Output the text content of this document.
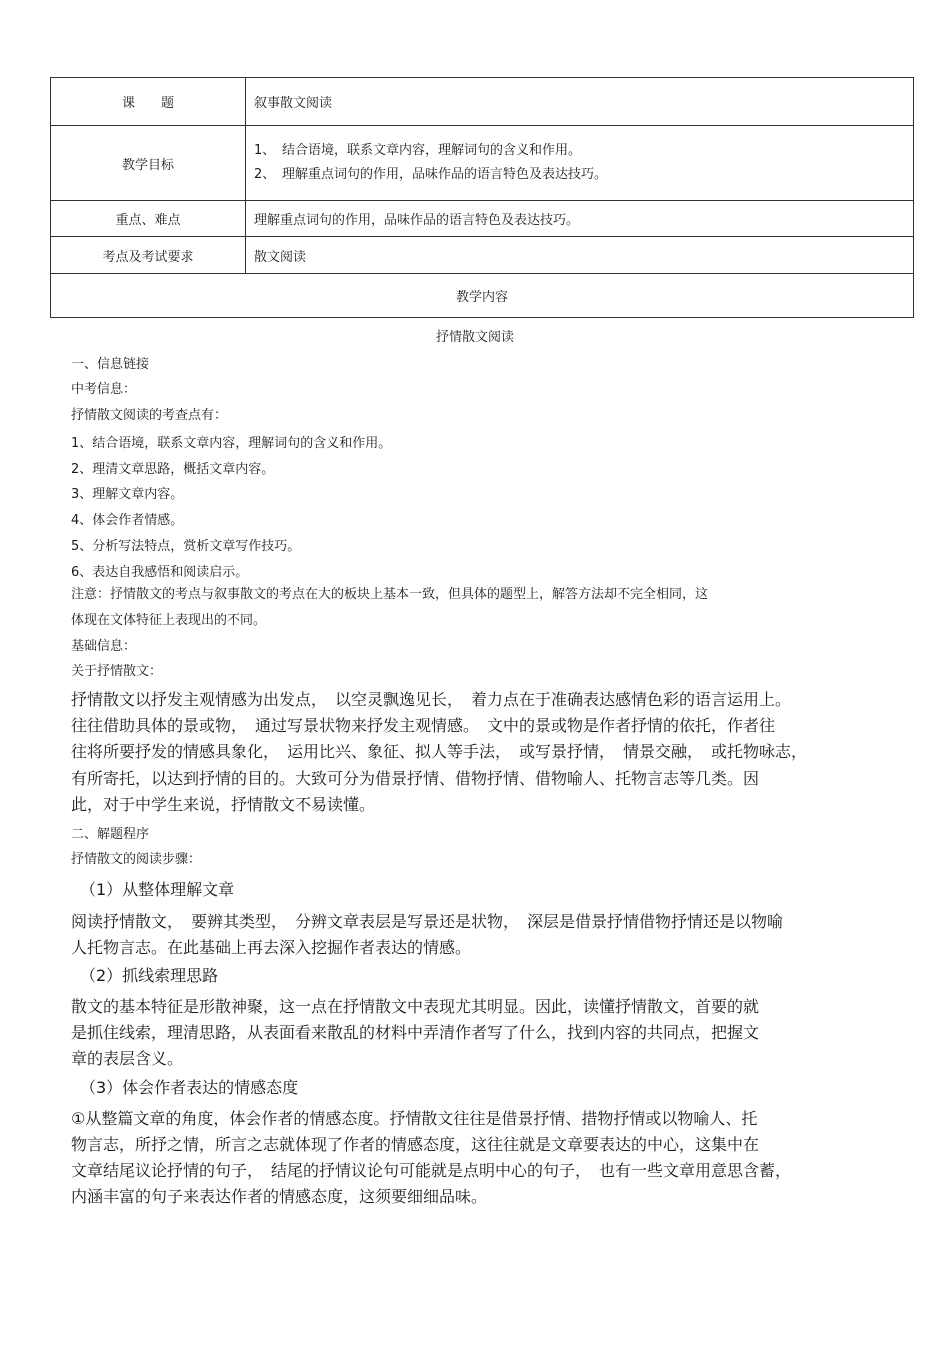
课　　题	叙事散文阅读
教学目标	1、 结合语境，联系文章内容，理解词句的含义和作用。
2、 理解重点词句的作用，品味作品的语言特色及表达技巧。

重点、难点	理解重点词句的作用，品味作品的语言特色及表达技巧。
考点及考试要求	散文阅读
教学内容	
抒情散文阅读
一、信息链接
中考信息：
抒情散文阅读的考查点有：
1、结合语境，联系文章内容，理解词句的含义和作用。
2、理清文章思路，概括文章内容。
3、理解文章内容。
4、体会作者情感。
5、分析写法特点，赏析文章写作技巧。
6、表达自我感悟和阅读启示。
注意：抒情散文的考点与叙事散文的考点在大的板块上基本一致，但具体的题型上，解答方法却不完全相同，这
体现在文体特征上表现出的不同。
基础信息：
关于抒情散文：
抒情散文以抒发主观情感为出发点，　以空灵飘逸见长，　着力点在于准确表达感情色彩的语言运用上。
往往借助具体的景或物，　通过写景状物来抒发主观情感。　文中的景或物是作者抒情的依托，作者往
往将所要抒发的情感具象化，　运用比兴、象征、拟人等手法，　或写景抒情，　情景交融，　或托物咏志，
有所寄托，以达到抒情的目的。大致可分为借景抒情、借物抒情、借物喻人、托物言志等几类。因
此，对于中学生来说，抒情散文不易读懂。
二、解题程序
抒情散文的阅读步骤：
（1）从整体理解文章
阅读抒情散文，　要辨其类型，　分辨文章表层是写景还是状物，　深层是借景抒情借物抒情还是以物喻
人托物言志。在此基础上再去深入挖掘作者表达的情感。
（2）抓线索理思路
散文的基本特征是形散神聚，这一点在抒情散文中表现尤其明显。因此，读懂抒情散文，首要的就
是抓住线索，理清思路，从表面看来散乱的材料中弄清作者写了什么，找到内容的共同点，把握文
章的表层含义。
（3）体会作者表达的情感态度
①从整篇文章的角度，体会作者的情感态度。抒情散文往往是借景抒情、措物抒情或以物喻人、托
物言志，所抒之情，所言之志就体现了作者的情感态度，这往往就是文章要表达的中心，这集中在
文章结尾议论抒情的句子，　结尾的抒情议论句可能就是点明中心的句子，　也有一些文章用意思含蓄，
内涵丰富的句子来表达作者的情感态度，这须要细细品味。
